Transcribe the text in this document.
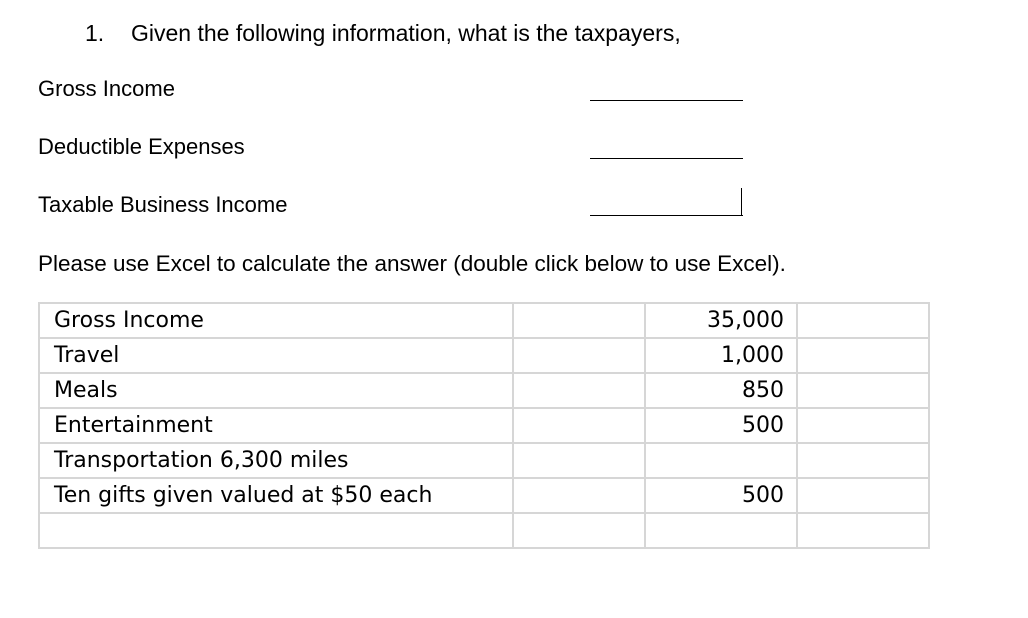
1. Given the following information, what is the taxpayers,
Gross Income
Deductible Expenses
Taxable Business Income
Please use Excel to calculate the answer (double click below to use Excel).
Gross Income		35,000	
Travel		1,000	
Meals		850	
Entertainment		500	
Transportation 6,300 miles			
Ten gifts given valued at $50 each		500	
